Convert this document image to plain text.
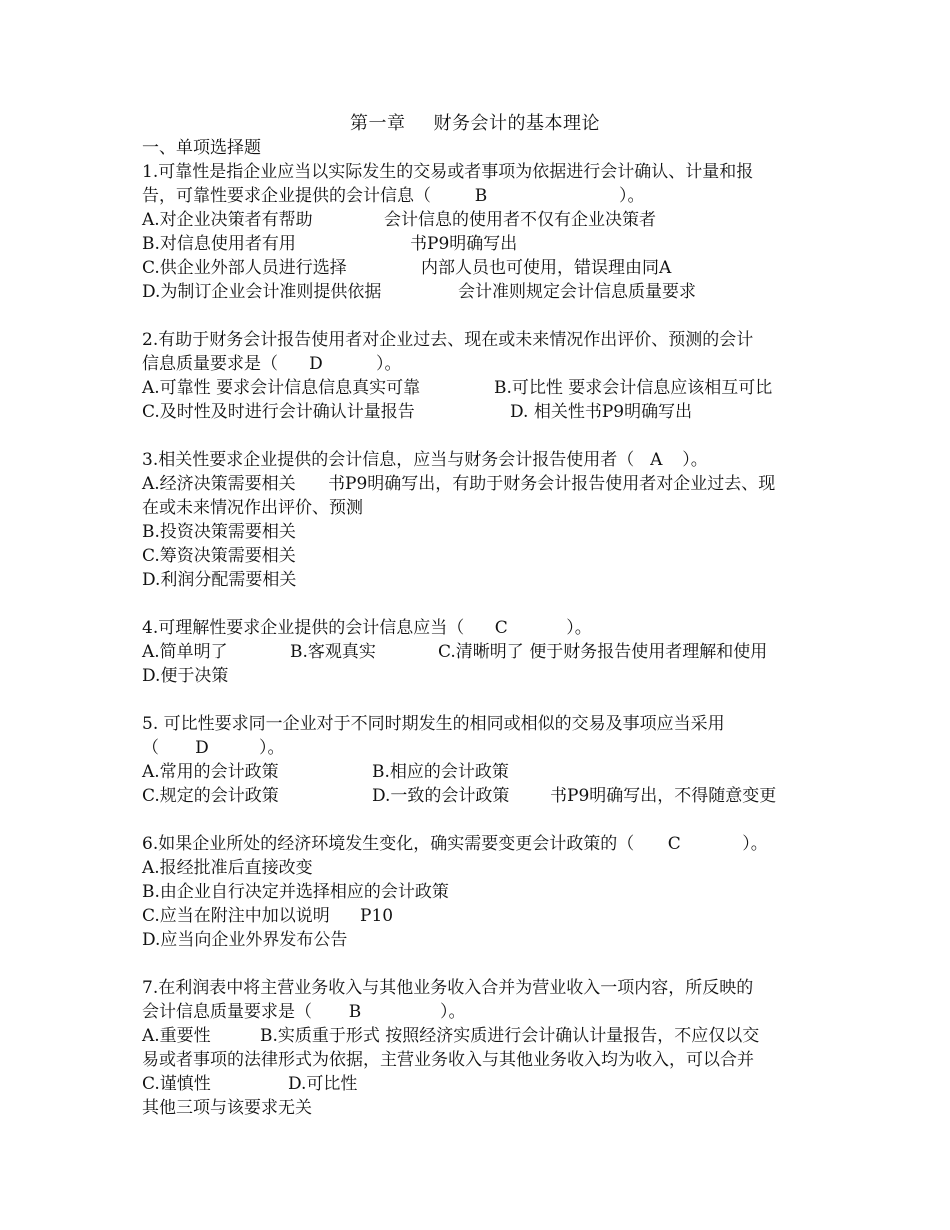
第一章 财务会计的基本理论
一、单项选择题
1.可靠性是指企业应当以实际发生的交易或者事项为依据进行会计确认、计量和报
告，可靠性要求企业提供的会计信息（	B	）。
A.对企业决策者有帮助	会计信息的使用者不仅有企业决策者
B.对信息使用者有用	书P9明确写出
C.供企业外部人员进行选择	内部人员也可使用，错误理由同A
D.为制订企业会计准则提供依据	会计准则规定会计信息质量要求
2.有助于财务会计报告使用者对企业过去、现在或未来情况作出评价、预测的会计
信息质量要求是（ D	）。
A.可靠性 要求会计信息信息真实可靠	B.可比性 要求会计信息应该相互可比
C.及时性及时进行会计确认计量报告	D. 相关性书P9明确写出
3.相关性要求企业提供的会计信息，应当与财务会计报告使用者（ A ）。
A.经济决策需要相关 书P9明确写出，有助于财务会计报告使用者对企业过去、现
在或未来情况作出评价、预测
B.投资决策需要相关
C.筹资决策需要相关
D.利润分配需要相关
4.可理解性要求企业提供的会计信息应当（ C	）。
A.简单明了	B.客观真实	C.清晰明了 便于财务报告使用者理解和使用
D.便于决策
5. 可比性要求同一企业对于不同时期发生的相同或相似的交易及事项应当采用
（ D	）。
A.常用的会计政策	B.相应的会计政策
C.规定的会计政策	D.一致的会计政策 书P9明确写出，不得随意变更
6.如果企业所处的经济环境发生变化，确实需要变更会计政策的（ C	）。
A.报经批准后直接改变
B.由企业自行决定并选择相应的会计政策
C.应当在附注中加以说明 P10
D.应当向企业外界发布公告
7.在利润表中将主营业务收入与其他业务收入合并为营业收入一项内容，所反映的
会计信息质量要求是（ B	）。
A.重要性	B.实质重于形式 按照经济实质进行会计确认计量报告，不应仅以交
易或者事项的法律形式为依据，主营业务收入与其他业务收入均为收入，可以合并
C.谨慎性	D.可比性
其他三项与该要求无关
